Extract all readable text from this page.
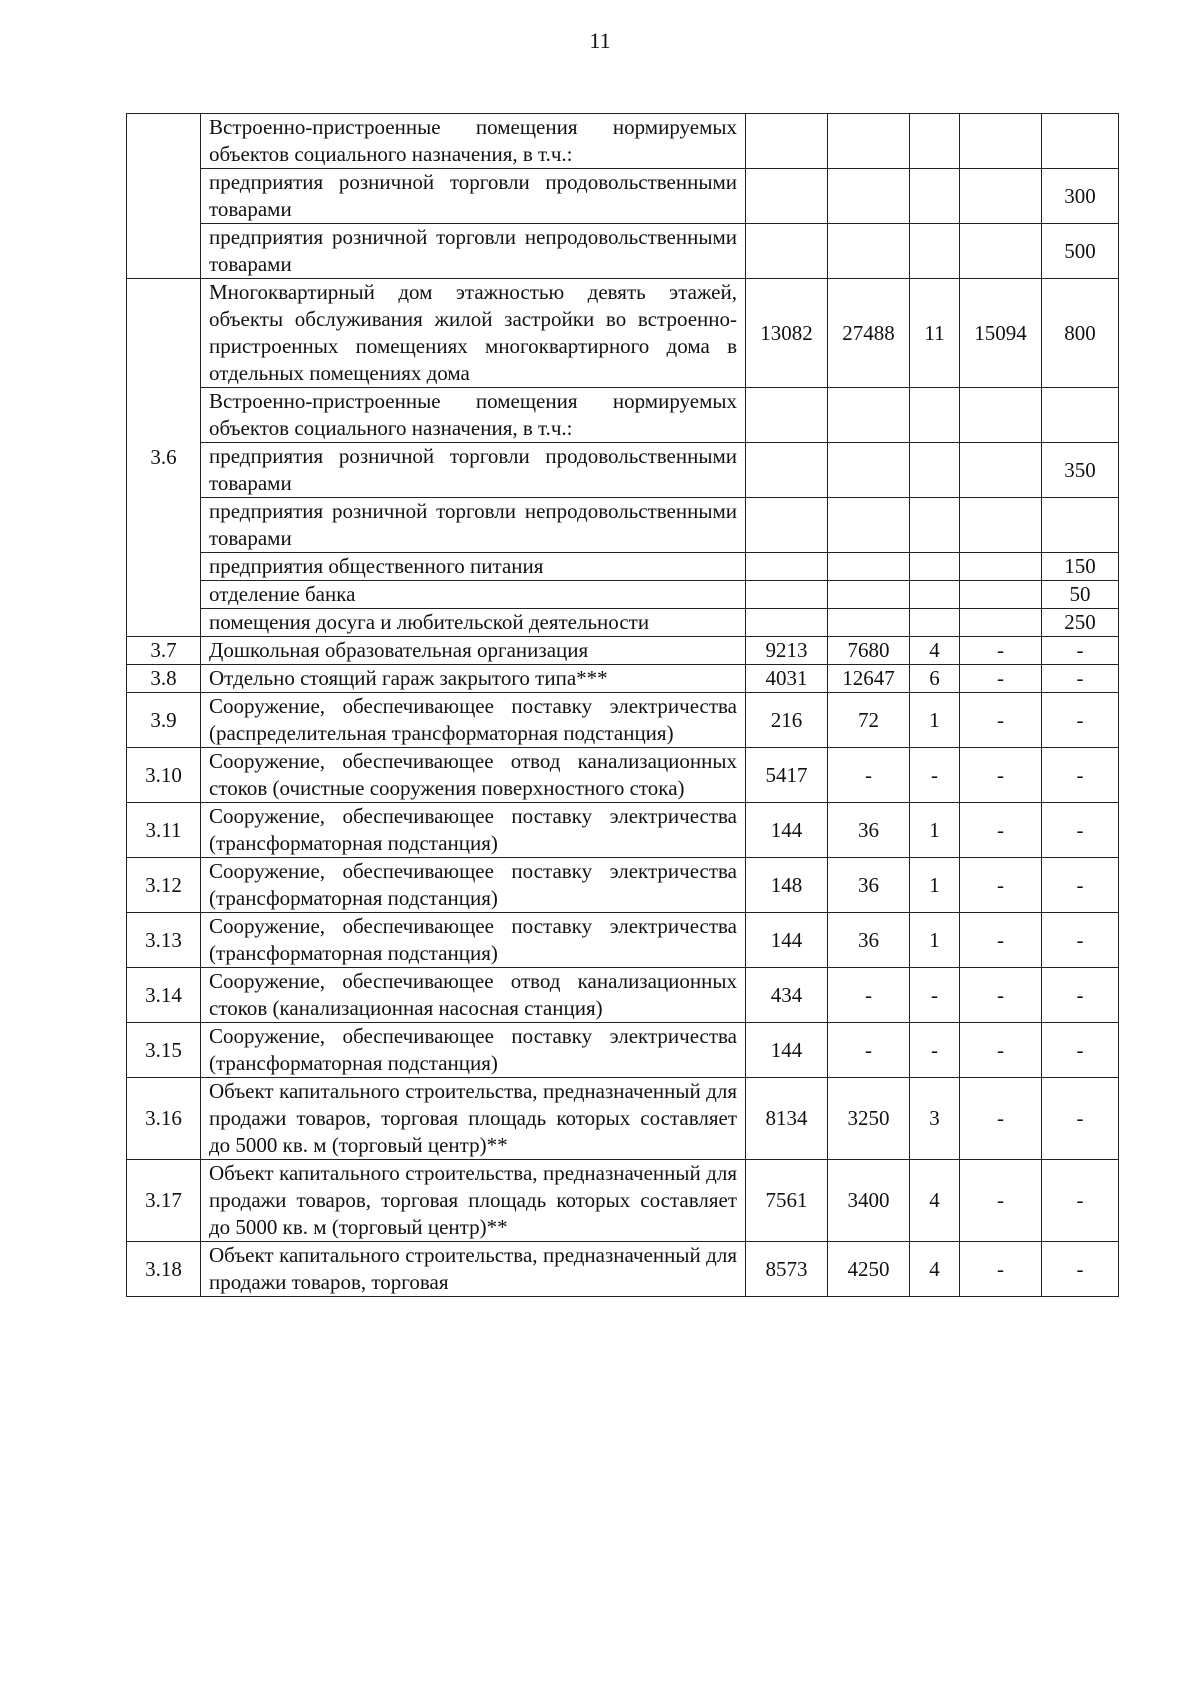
11
	Встроенно-пристроенные помещения нормируемых объектов социального назначения, в т.ч.:					
	предприятия розничной торговли продовольственными товарами					300
	предприятия розничной торговли непродовольственными товарами					500
3.6	Многоквартирный дом этажностью девять этажей, объекты обслуживания жилой застройки во встроенно-пристроенных помещениях многоквартирного дома в отдельных помещениях дома	13082	27488	11	15094	800
	Встроенно-пристроенные помещения нормируемых объектов социального назначения, в т.ч.:					
	предприятия розничной торговли продовольственными товарами					350
	предприятия розничной торговли непродовольственными товарами					
	предприятия общественного питания					150
	отделение банка					50
	помещения досуга и любительской деятельности					250
3.7	Дошкольная образовательная организация	9213	7680	4	-	-
3.8	Отдельно стоящий гараж закрытого типа***	4031	12647	6	-	-
3.9	Сооружение, обеспечивающее поставку электричества (распределительная трансформаторная подстанция)	216	72	1	-	-
3.10	Сооружение, обеспечивающее отвод канализационных стоков (очистные сооружения поверхностного стока)	5417	-	-	-	-
3.11	Сооружение, обеспечивающее поставку электричества (трансформаторная подстанция)	144	36	1	-	-
3.12	Сооружение, обеспечивающее поставку электричества (трансформаторная подстанция)	148	36	1	-	-
3.13	Сооружение, обеспечивающее поставку электричества (трансформаторная подстанция)	144	36	1	-	-
3.14	Сооружение, обеспечивающее отвод канализационных стоков (канализационная насосная станция)	434	-	-	-	-
3.15	Сооружение, обеспечивающее поставку электричества (трансформаторная подстанция)	144	-	-	-	-
3.16	Объект капитального строительства, предназначенный для продажи товаров, торговая площадь которых составляет до 5000 кв. м (торговый центр)**	8134	3250	3	-	-
3.17	Объект капитального строительства, предназначенный для продажи товаров, торговая площадь которых составляет до 5000 кв. м (торговый центр)**	7561	3400	4	-	-
3.18	Объект капитального строительства, предназначенный для продажи товаров, торговая	8573	4250	4	-	-
